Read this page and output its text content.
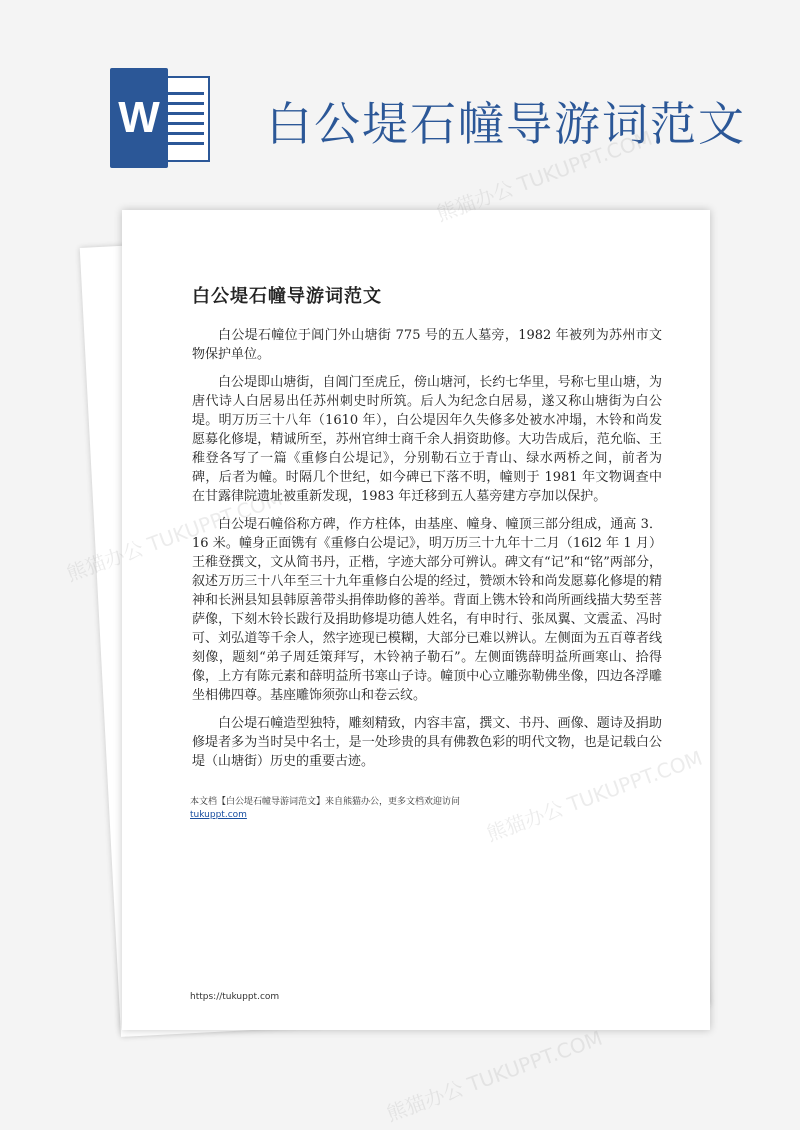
W 白公堤石幢导游词范文
白公堤石幢导游词范文

白公堤石幢位于阊门外山塘街 775 号的五人墓旁，1982 年被列为苏州市文物保护单位。

白公堤即山塘街，自阊门至虎丘，傍山塘河，长约七华里，号称七里山塘，为唐代诗人白居易出任苏州刺史时所筑。后人为纪念白居易，遂又称山塘街为白公堤。明万历三十八年（1610 年），白公堤因年久失修多处被水冲塌，木铃和尚发愿募化修堤，精诚所至，苏州官绅士商千余人捐资助修。大功告成后，范允临、王稚登各写了一篇《重修白公堤记》，分别勒石立于青山、绿水两桥之间，前者为碑，后者为幢。时隔几个世纪，如今碑已下落不明，幢则于 1981 年文物调查中在甘露律院遗址被重新发现，1983 年迁移到五人墓旁建方亭加以保护。

白公堤石幢俗称方碑，作方柱体，由基座、幢身、幢顶三部分组成，通高 3．16 米。幢身正面镌有《重修白公堤记》，明万历三十九年十二月（16l2 年 1 月）王稚登撰文，文从简书丹，正楷，字迹大部分可辨认。碑文有“记”和“铭”两部分，叙述万历三十八年至三十九年重修白公堤的经过，赞颂木铃和尚发愿募化修堤的精神和长洲县知县韩原善带头捐俸助修的善举。背面上镌木铃和尚所画线描大势至菩萨像，下刻木铃长跋行及捐助修堤功德人姓名，有申时行、张凤翼、文震孟、冯时可、刘弘道等千余人，然字迹现已模糊，大部分已难以辨认。左侧面为五百尊者线刻像，题刻“弟子周廷策拜写，木铃衲子勒石”。左侧面镌薛明益所画寒山、拾得像，上方有陈元素和薛明益所书寒山子诗。幢顶中心立雕弥勒佛坐像，四边各浮雕坐相佛四尊。基座雕饰须弥山和卷云纹。

白公堤石幢造型独特，雕刻精致，内容丰富，撰文、书丹、画像、题诗及捐助修堤者多为当时吴中名士，是一处珍贵的具有佛教色彩的明代文物，也是记载白公堤（山塘街）历史的重要古迹。

本文档【白公堤石幢导游词范文】来自熊猫办公，更多文档欢迎访问
tukuppt.com
https://tukuppt.com
熊猫办公 TUKUPPT.COM
熊猫办公 TUKUPPT.COM
